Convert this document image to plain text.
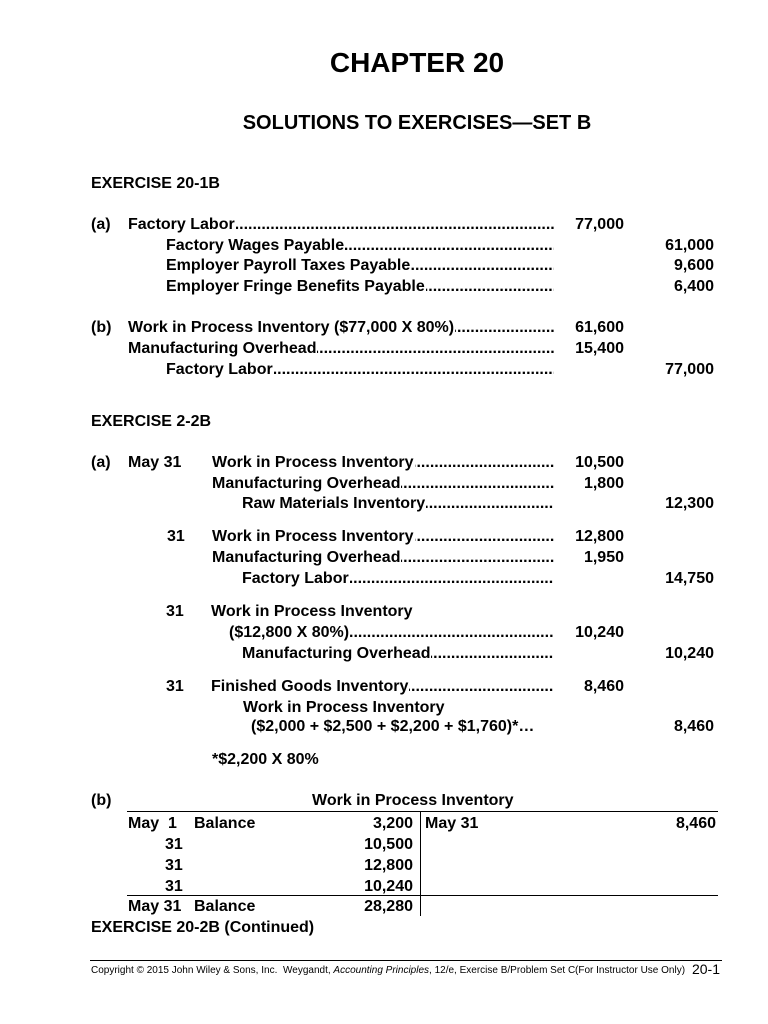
CHAPTER 20
SOLUTIONS TO EXERCISES—SET B
EXERCISE 20-1B
(a) Factory Labor .....	77,000
Factory Wages Payable .....	61,000
Employer Payroll Taxes Payable .....	9,600
Employer Fringe Benefits Payable .....	6,400
(b) Work in Process Inventory ($77,000 X 80%) .....	61,600
Manufacturing Overhead .....	15,400
Factory Labor .....	77,000
EXERCISE 2-2B
(a) May 31 Work in Process Inventory .....	10,500
Manufacturing Overhead .....	1,800
Raw Materials Inventory .....	12,300
31 Work in Process Inventory .....	12,800
Manufacturing Overhead .....	1,950
Factory Labor .....	14,750
31 Work in Process Inventory
($12,800 X 80%) .....	10,240
Manufacturing Overhead .....	10,240
31 Finished Goods Inventory .....	8,460
Work in Process Inventory
($2,000 + $2,500 + $2,200 + $1,760)*…	8,460
*$2,200 X 80%
(b)	Work in Process Inventory
May  1 Balance	3,200 May 31	8,460
31	10,500
31	12,800
31	10,240
May 31 Balance	28,280
EXERCISE 20-2B (Continued)
Copyright © 2015 John Wiley & Sons, Inc. Weygandt, Accounting Principles, 12/e, Exercise B/Problem Set C (For Instructor Use Only) 20-1
